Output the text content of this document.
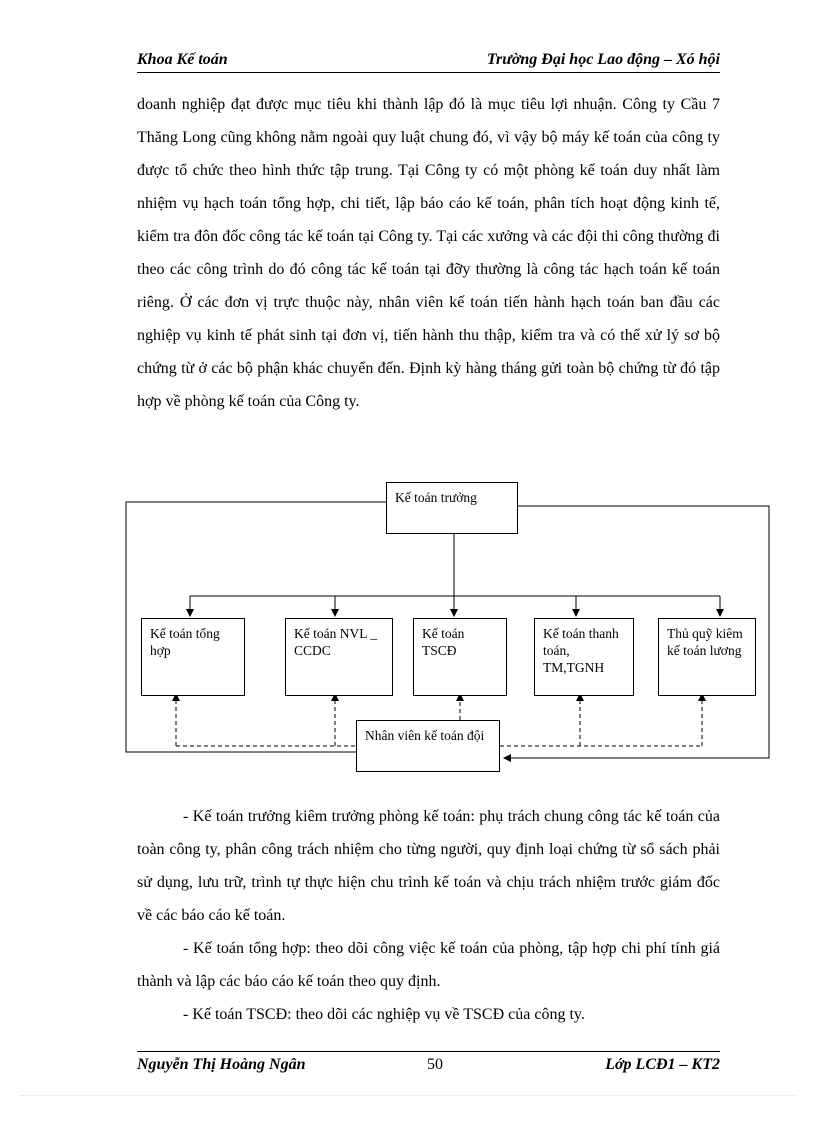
Khoa Kế toán	Trường Đại học Lao động – Xó hội

doanh nghiệp đạt được mục tiêu khi thành lập đó là mục tiêu lợi nhuận. Công ty Cầu 7 Thăng Long cũng không nằm ngoài quy luật chung đó, vì vậy bộ máy kế toán của công ty được tổ chức theo hình thức tập trung. Tại Công ty có một phòng kế toán duy nhất làm nhiệm vụ hạch toán tổng hợp, chi tiết, lập báo cáo kế toán, phân tích hoạt động kinh tế, kiểm tra đôn đốc công tác kế toán tại Công ty. Tại các xưởng và các đội thi công thường đi theo các công trình do đó công tác kế toán tại đỡy thường là công tác hạch toán kế toán riêng. Ở các đơn vị trực thuộc này, nhân viên kế toán tiến hành hạch toán ban đầu các nghiệp vụ kinh tế phát sinh tại đơn vị, tiến hành thu thập, kiểm tra và có thể xử lý sơ bộ chứng từ ở các bộ phận khác chuyển đến. Định kỳ hàng tháng gửi toàn bộ chứng từ đó tập hợp về phòng kế toán của Công ty.

Kế toán trưởng
Kế toán tổng hợp
Kế toán NVL _ CCDC
Kế toán TSCĐ
Kế toán thanh toán, TM,TGNH
Thủ quỹ kiêm kế toán lương
Nhân viên kế toán đội

- Kế toán trưởng kiêm trưởng phòng kế toán: phụ trách chung công tác kế toán của toàn công ty, phân công trách nhiệm cho từng người, quy định loại chứng từ sổ sách phải sử dụng, lưu trữ, trình tự thực hiện chu trình kế toán và chịu trách nhiệm trước giám đốc về các báo cáo kế toán.

- Kế toán tổng hợp: theo dõi công việc kế toán của phòng, tập hợp chi phí tính giá thành và lập các báo cáo kế toán theo quy định.

- Kế toán TSCĐ: theo dõi các nghiệp vụ về TSCĐ của công ty.

Nguyễn Thị Hoàng Ngân	50	Lớp LCĐ1 – KT2
